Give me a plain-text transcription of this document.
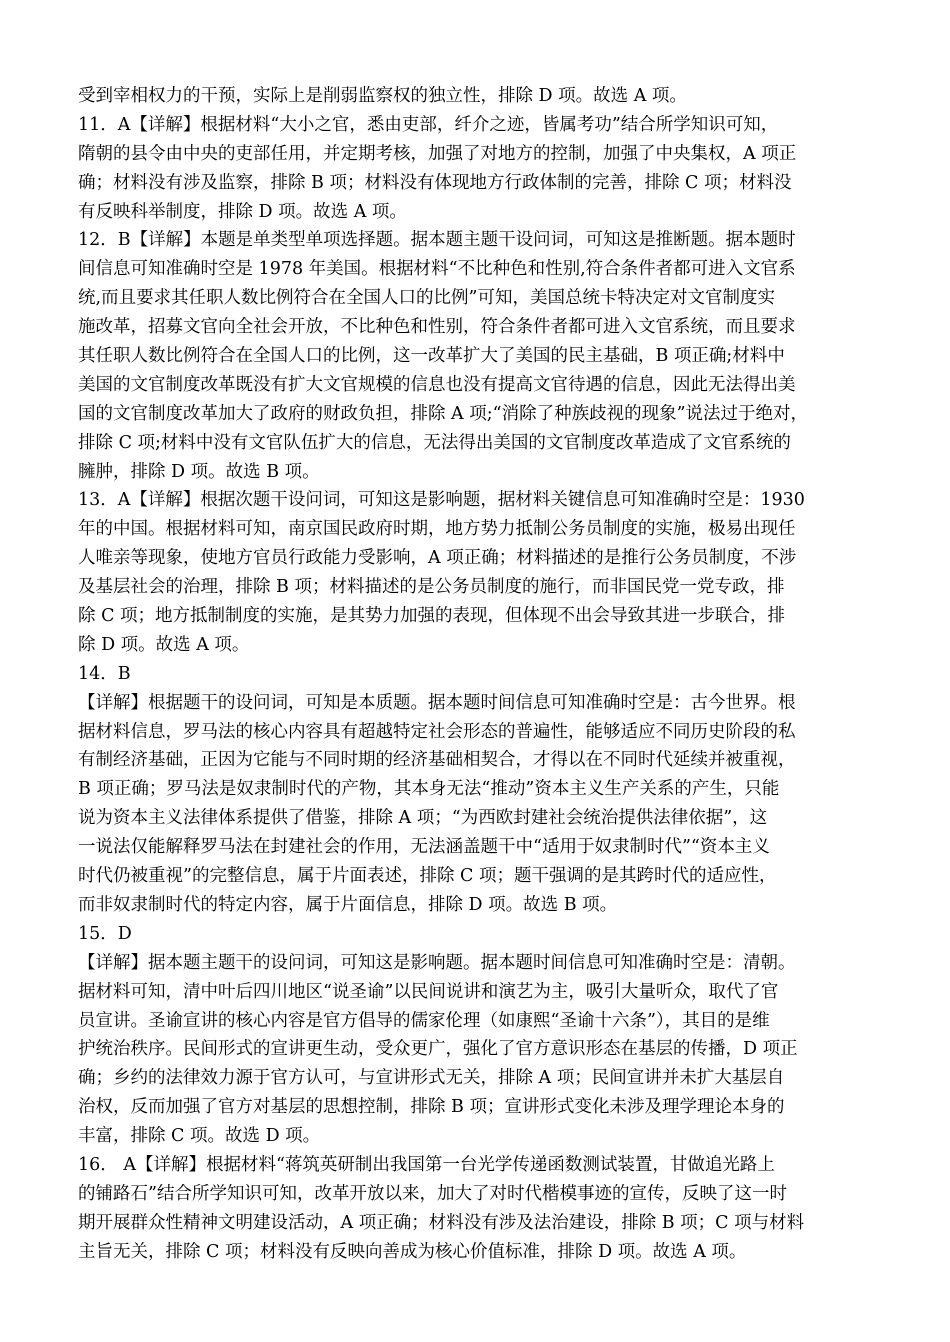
受到宰相权力的干预，实际上是削弱监察权的独立性，排除 D 项。故选 A 项。
11．A【详解】根据材料“大小之官，悉由吏部，纤介之迹，皆属考功”结合所学知识可知，
隋朝的县令由中央的吏部任用，并定期考核，加强了对地方的控制，加强了中央集权，A 项正
确；材料没有涉及监察，排除 B 项；材料没有体现地方行政体制的完善，排除 C 项；材料没
有反映科举制度，排除 D 项。故选 A 项。
12．B【详解】本题是单类型单项选择题。据本题主题干设问词，可知这是推断题。据本题时
间信息可知准确时空是 1978 年美国。根据材料“不比种色和性别,符合条件者都可进入文官系
统,而且要求其任职人数比例符合在全国人口的比例”可知，美国总统卡特决定对文官制度实
施改革，招募文官向全社会开放，不比种色和性别，符合条件者都可进入文官系统，而且要求
其任职人数比例符合在全国人口的比例，这一改革扩大了美国的民主基础，B 项正确;材料中
美国的文官制度改革既没有扩大文官规模的信息也没有提高文官待遇的信息，因此无法得出美
国的文官制度改革加大了政府的财政负担，排除 A 项;“消除了种族歧视的现象”说法过于绝对，
排除 C 项;材料中没有文官队伍扩大的信息，无法得出美国的文官制度改革造成了文官系统的
臃肿，排除 D 项。故选 B 项。
13．A【详解】根据次题干设问词，可知这是影响题，据材料关键信息可知准确时空是：1930
年的中国。根据材料可知，南京国民政府时期，地方势力抵制公务员制度的实施，极易出现任
人唯亲等现象，使地方官员行政能力受影响，A 项正确；材料描述的是推行公务员制度，不涉
及基层社会的治理，排除 B 项；材料描述的是公务员制度的施行，而非国民党一党专政，排
除 C 项；地方抵制制度的实施，是其势力加强的表现，但体现不出会导致其进一步联合，排
除 D 项。故选 A 项。
14．B
【详解】根据题干的设问词，可知是本质题。据本题时间信息可知准确时空是：古今世界。根
据材料信息，罗马法的核心内容具有超越特定社会形态的普遍性，能够适应不同历史阶段的私
有制经济基础，正因为它能与不同时期的经济基础相契合，才得以在不同时代延续并被重视，
B 项正确；罗马法是奴隶制时代的产物，其本身无法“推动”资本主义生产关系的产生，只能
说为资本主义法律体系提供了借鉴，排除 A 项；“为西欧封建社会统治提供法律依据”，这
一说法仅能解释罗马法在封建社会的作用，无法涵盖题干中“适用于奴隶制时代”“资本主义
时代仍被重视”的完整信息，属于片面表述，排除 C 项；题干强调的是其跨时代的适应性，
而非奴隶制时代的特定内容，属于片面信息，排除 D 项。故选 B 项。
15．D
【详解】据本题主题干的设问词，可知这是影响题。据本题时间信息可知准确时空是：清朝。
据材料可知，清中叶后四川地区“说圣谕”以民间说讲和演艺为主，吸引大量听众，取代了官
员宣讲。圣谕宣讲的核心内容是官方倡导的儒家伦理（如康熙“圣谕十六条”），其目的是维
护统治秩序。民间形式的宣讲更生动，受众更广，强化了官方意识形态在基层的传播，D 项正
确；乡约的法律效力源于官方认可，与宣讲形式无关，排除 A 项；民间宣讲并未扩大基层自
治权，反而加强了官方对基层的思想控制，排除 B 项；宣讲形式变化未涉及理学理论本身的
丰富，排除 C 项。故选 D 项。
16． A【详解】根据材料“蒋筑英研制出我国第一台光学传递函数测试装置，甘做追光路上
的铺路石”结合所学知识可知，改革开放以来，加大了对时代楷模事迹的宣传，反映了这一时
期开展群众性精神文明建设活动，A 项正确；材料没有涉及法治建设，排除 B 项；C 项与材料
主旨无关，排除 C 项；材料没有反映向善成为核心价值标准，排除 D 项。故选 A 项。
